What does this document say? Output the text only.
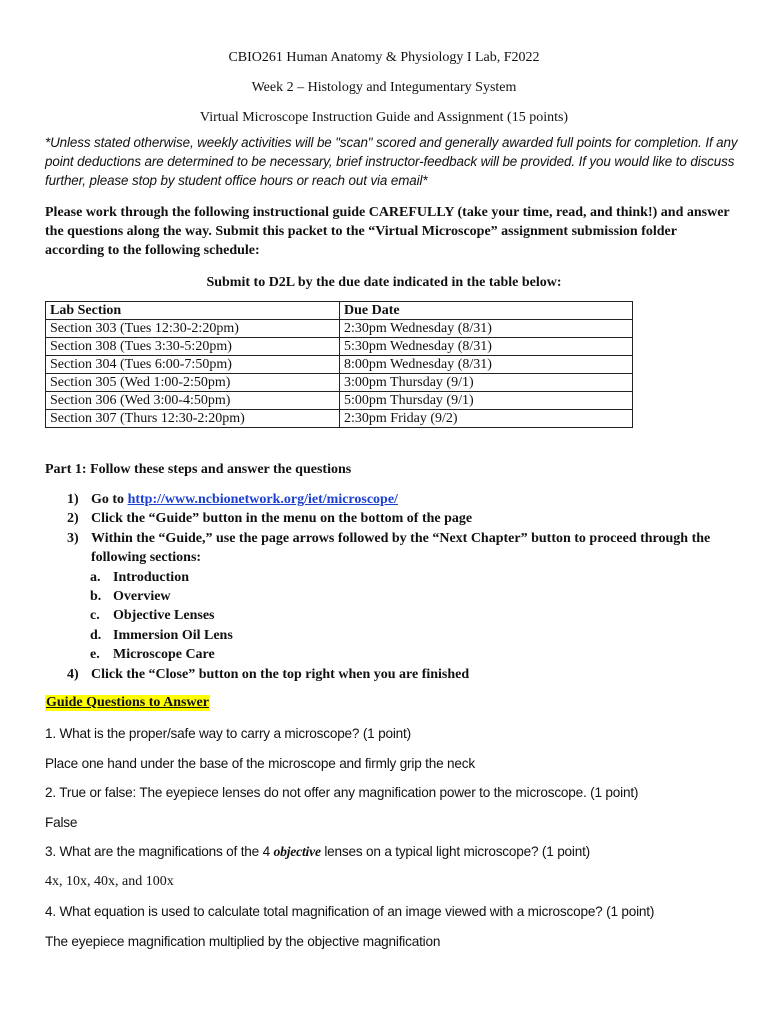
CBIO261 Human Anatomy & Physiology I Lab, F2022
Week 2 – Histology and Integumentary System
Virtual Microscope Instruction Guide and Assignment (15 points)
*Unless stated otherwise, weekly activities will be "scan" scored and generally awarded full points for completion. If any point deductions are determined to be necessary, brief instructor-feedback will be provided. If you would like to discuss further, please stop by student office hours or reach out via email*
Please work through the following instructional guide CAREFULLY (take your time, read, and think!) and answer the questions along the way. Submit this packet to the “Virtual Microscope” assignment submission folder according to the following schedule:
Submit to D2L by the due date indicated in the table below:
Lab Section	Due Date
Section 303 (Tues 12:30-2:20pm)	2:30pm Wednesday (8/31)
Section 308 (Tues 3:30-5:20pm)	5:30pm Wednesday (8/31)
Section 304 (Tues 6:00-7:50pm)	8:00pm Wednesday (8/31)
Section 305 (Wed 1:00-2:50pm)	3:00pm Thursday (9/1)
Section 306 (Wed 3:00-4:50pm)	5:00pm Thursday (9/1)
Section 307 (Thurs 12:30-2:20pm)	2:30pm Friday (9/2)
Part 1: Follow these steps and answer the questions
1) Go to http://www.ncbionetwork.org/iet/microscope/
2) Click the “Guide” button in the menu on the bottom of the page
3) Within the “Guide,” use the page arrows followed by the “Next Chapter” button to proceed through the following sections:
a. Introduction
b. Overview
c. Objective Lenses
d. Immersion Oil Lens
e. Microscope Care
4) Click the “Close” button on the top right when you are finished
Guide Questions to Answer
1. What is the proper/safe way to carry a microscope? (1 point)
Place one hand under the base of the microscope and firmly grip the neck
2. True or false: The eyepiece lenses do not offer any magnification power to the microscope. (1 point)
False
3. What are the magnifications of the 4 objective lenses on a typical light microscope? (1 point)
4x, 10x, 40x, and 100x
4. What equation is used to calculate total magnification of an image viewed with a microscope? (1 point)
The eyepiece magnification multiplied by the objective magnification
